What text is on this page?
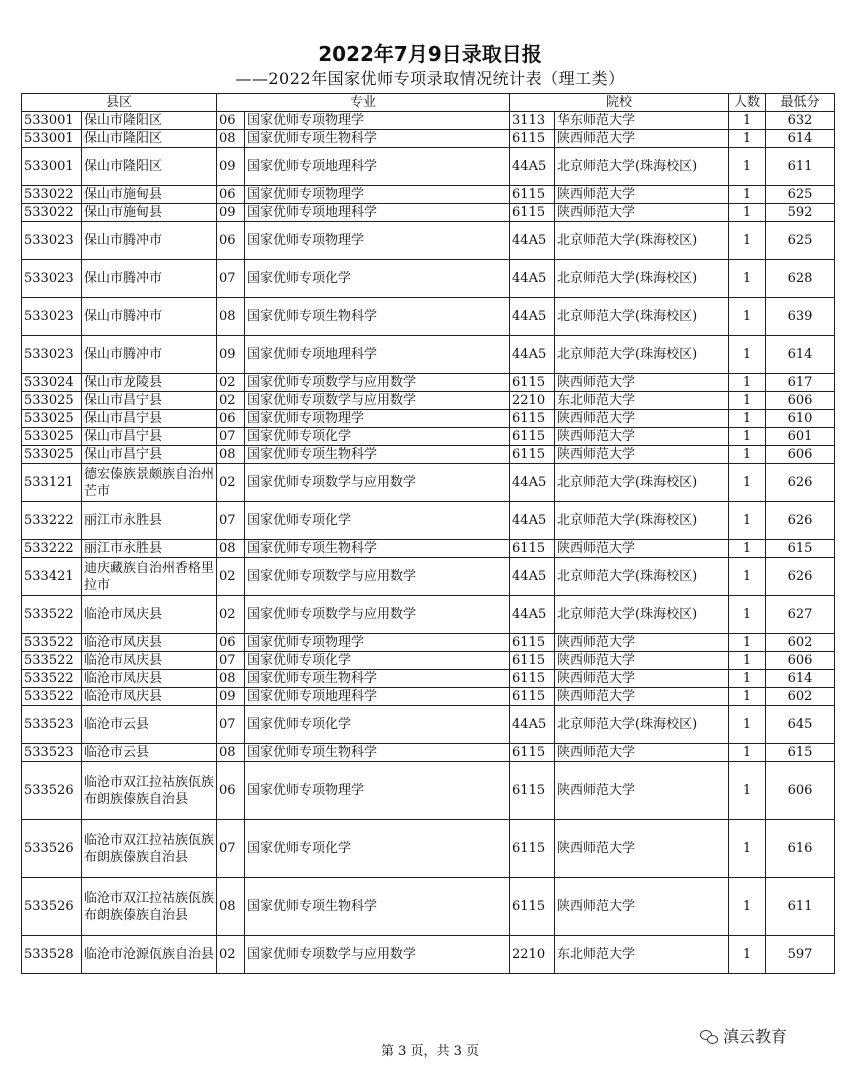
2022年7月9日录取日报
——2022年国家优师专项录取情况统计表（理工类）
县区		专业		院校		人数	最低分
533001	保山市隆阳区	06	国家优师专项物理学	3113	华东师范大学	1	632
533001	保山市隆阳区	08	国家优师专项生物科学	6115	陕西师范大学	1	614
533001	保山市隆阳区	09	国家优师专项地理科学	44A5	北京师范大学(珠海校区)	1	611
533022	保山市施甸县	06	国家优师专项物理学	6115	陕西师范大学	1	625
533022	保山市施甸县	09	国家优师专项地理科学	6115	陕西师范大学	1	592
533023	保山市腾冲市	06	国家优师专项物理学	44A5	北京师范大学(珠海校区)	1	625
533023	保山市腾冲市	07	国家优师专项化学	44A5	北京师范大学(珠海校区)	1	628
533023	保山市腾冲市	08	国家优师专项生物科学	44A5	北京师范大学(珠海校区)	1	639
533023	保山市腾冲市	09	国家优师专项地理科学	44A5	北京师范大学(珠海校区)	1	614
533024	保山市龙陵县	02	国家优师专项数学与应用数学	6115	陕西师范大学	1	617
533025	保山市昌宁县	02	国家优师专项数学与应用数学	2210	东北师范大学	1	606
533025	保山市昌宁县	06	国家优师专项物理学	6115	陕西师范大学	1	610
533025	保山市昌宁县	07	国家优师专项化学	6115	陕西师范大学	1	601
533025	保山市昌宁县	08	国家优师专项生物科学	6115	陕西师范大学	1	606
533121	德宏傣族景颇族自治州芒市	02	国家优师专项数学与应用数学	44A5	北京师范大学(珠海校区)	1	626
533222	丽江市永胜县	07	国家优师专项化学	44A5	北京师范大学(珠海校区)	1	626
533222	丽江市永胜县	08	国家优师专项生物科学	6115	陕西师范大学	1	615
533421	迪庆藏族自治州香格里拉市	02	国家优师专项数学与应用数学	44A5	北京师范大学(珠海校区)	1	626
533522	临沧市凤庆县	02	国家优师专项数学与应用数学	44A5	北京师范大学(珠海校区)	1	627
533522	临沧市凤庆县	06	国家优师专项物理学	6115	陕西师范大学	1	602
533522	临沧市凤庆县	07	国家优师专项化学	6115	陕西师范大学	1	606
533522	临沧市凤庆县	08	国家优师专项生物科学	6115	陕西师范大学	1	614
533522	临沧市凤庆县	09	国家优师专项地理科学	6115	陕西师范大学	1	602
533523	临沧市云县	07	国家优师专项化学	44A5	北京师范大学(珠海校区)	1	645
533523	临沧市云县	08	国家优师专项生物科学	6115	陕西师范大学	1	615
533526	临沧市双江拉祜族佤族布朗族傣族自治县	06	国家优师专项物理学	6115	陕西师范大学	1	606
533526	临沧市双江拉祜族佤族布朗族傣族自治县	07	国家优师专项化学	6115	陕西师范大学	1	616
533526	临沧市双江拉祜族佤族布朗族傣族自治县	08	国家优师专项生物科学	6115	陕西师范大学	1	611
533528	临沧市沧源佤族自治县	02	国家优师专项数学与应用数学	2210	东北师范大学	1	597
第 3 页，共 3 页
滇云教育
